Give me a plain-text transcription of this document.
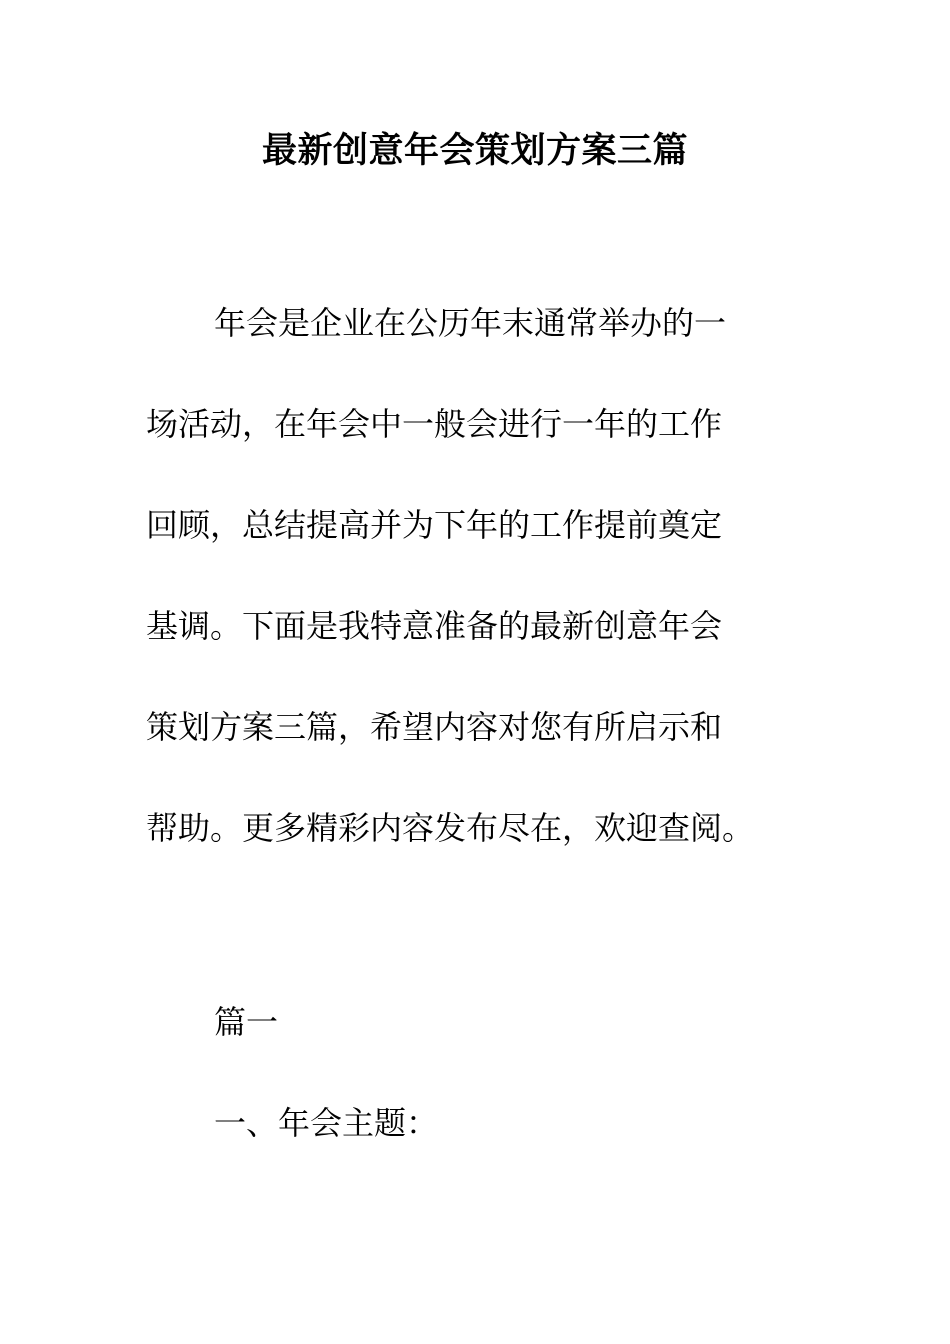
最新创意年会策划方案三篇

年会是企业在公历年末通常举办的一

场活动，在年会中一般会进行一年的工作

回顾，总结提高并为下年的工作提前奠定

基调。下面是我特意准备的最新创意年会

策划方案三篇，希望内容对您有所启示和

帮助。更多精彩内容发布尽在，欢迎查阅。

篇一

一、年会主题：
